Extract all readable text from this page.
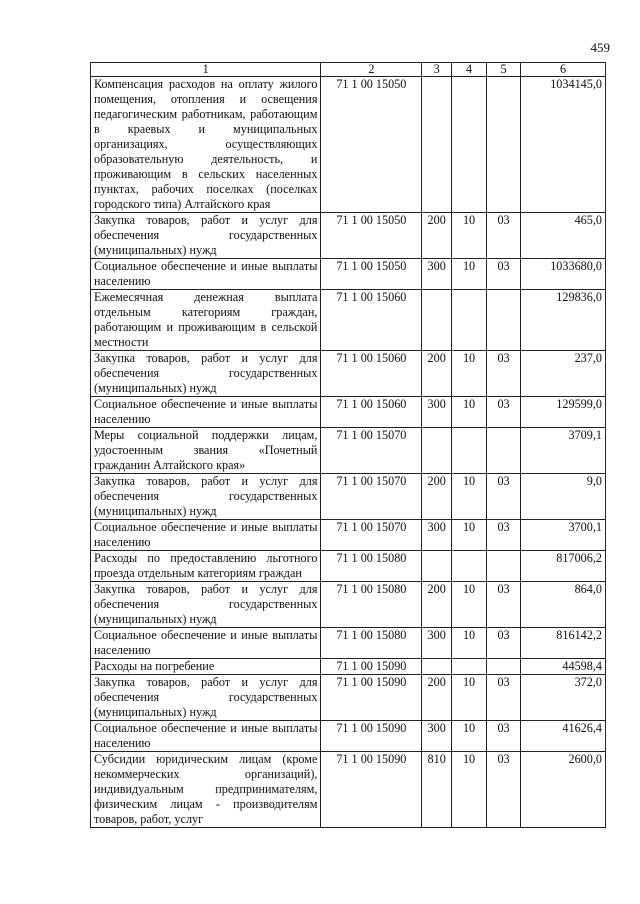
459
1	2	3	4	5	6
Компенсация расходов на оплату жилого помещения, отопления и освещения педагогическим работникам, работающим в краевых и муниципальных организациях, осуществляющих образовательную деятельность, и проживающим в сельских населенных пунктах, рабочих поселках (поселках городского типа) Алтайского края	71 1 00 15050				1034145,0
Закупка товаров, работ и услуг для обеспечения государственных (муниципальных) нужд	71 1 00 15050	200	10	03	465,0
Социальное обеспечение и иные выплаты населению	71 1 00 15050	300	10	03	1033680,0
Ежемесячная денежная выплата отдельным категориям граждан, работающим и проживающим в сельской местности	71 1 00 15060				129836,0
Закупка товаров, работ и услуг для обеспечения государственных (муниципальных) нужд	71 1 00 15060	200	10	03	237,0
Социальное обеспечение и иные выплаты населению	71 1 00 15060	300	10	03	129599,0
Меры социальной поддержки лицам, удостоенным звания «Почетный гражданин Алтайского края»	71 1 00 15070				3709,1
Закупка товаров, работ и услуг для обеспечения государственных (муниципальных) нужд	71 1 00 15070	200	10	03	9,0
Социальное обеспечение и иные выплаты населению	71 1 00 15070	300	10	03	3700,1
Расходы по предоставлению льготного проезда отдельным категориям граждан	71 1 00 15080				817006,2
Закупка товаров, работ и услуг для обеспечения государственных (муниципальных) нужд	71 1 00 15080	200	10	03	864,0
Социальное обеспечение и иные выплаты населению	71 1 00 15080	300	10	03	816142,2
Расходы на погребение	71 1 00 15090				44598,4
Закупка товаров, работ и услуг для обеспечения государственных (муниципальных) нужд	71 1 00 15090	200	10	03	372,0
Социальное обеспечение и иные выплаты населению	71 1 00 15090	300	10	03	41626,4
Субсидии юридическим лицам (кроме некоммерческих организаций), индивидуальным предпринимателям, физическим лицам - производителям товаров, работ, услуг	71 1 00 15090	810	10	03	2600,0
